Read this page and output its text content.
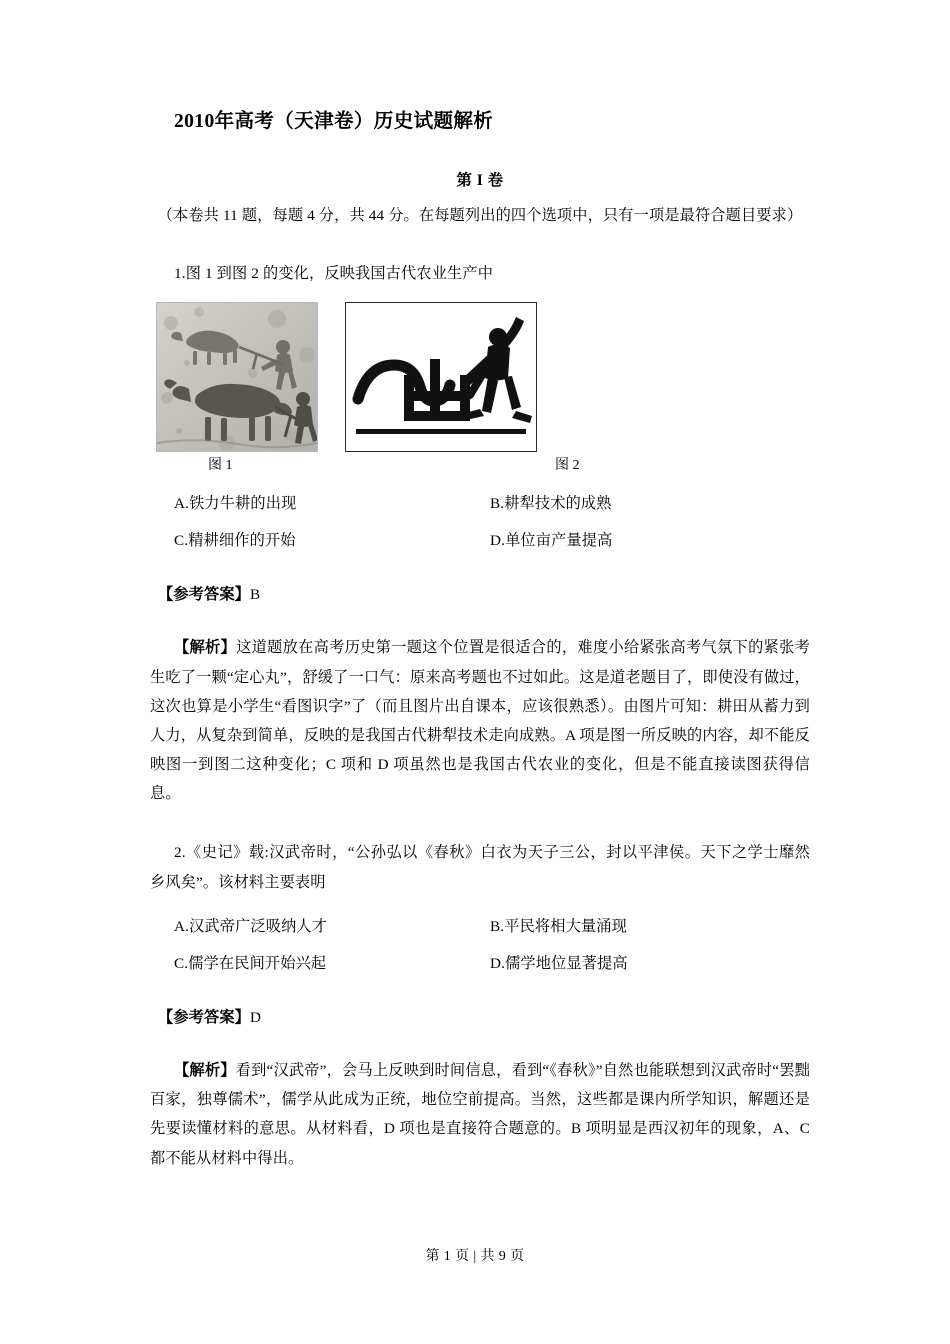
2010年高考（天津卷）历史试题解析
第 I 卷

（本卷共 11 题，每题 4 分，共 44 分。在每题列出的四个选项中，只有一项是最符合题目要求）

1.图 1 到图 2 的变化，反映我国古代农业生产中

图 1	图 2
A.铁力牛耕的出现	B.耕犁技术的成熟
C.精耕细作的开始	D.单位亩产量提高

【参考答案】B

【解析】这道题放在高考历史第一题这个位置是很适合的，难度小给紧张高考气氛下的紧张考生吃了一颗“定心丸”，舒缓了一口气：原来高考题也不过如此。这是道老题目了，即使没有做过，这次也算是小学生“看图识字”了（而且图片出自课本，应该很熟悉）。由图片可知：耕田从蓄力到人力，从复杂到简单，反映的是我国古代耕犁技术走向成熟。A 项是图一所反映的内容，却不能反映图一到图二这种变化；C 项和 D 项虽然也是我国古代农业的变化，但是不能直接读图获得信息。

2.《史记》载:汉武帝时，“公孙弘以《春秋》白衣为天子三公，封以平津侯。天下之学士靡然乡风矣”。该材料主要表明

A.汉武帝广泛吸纳人才	B.平民将相大量涌现
C.儒学在民间开始兴起	D.儒学地位显著提高

【参考答案】D

【解析】看到“汉武帝”，会马上反映到时间信息，看到“《春秋》”自然也能联想到汉武帝时“罢黜百家，独尊儒术”，儒学从此成为正统，地位空前提高。当然，这些都是课内所学知识，解题还是先要读懂材料的意思。从材料看，D 项也是直接符合题意的。B 项明显是西汉初年的现象，A、C 都不能从材料中得出。

第 1 页 | 共 9 页
